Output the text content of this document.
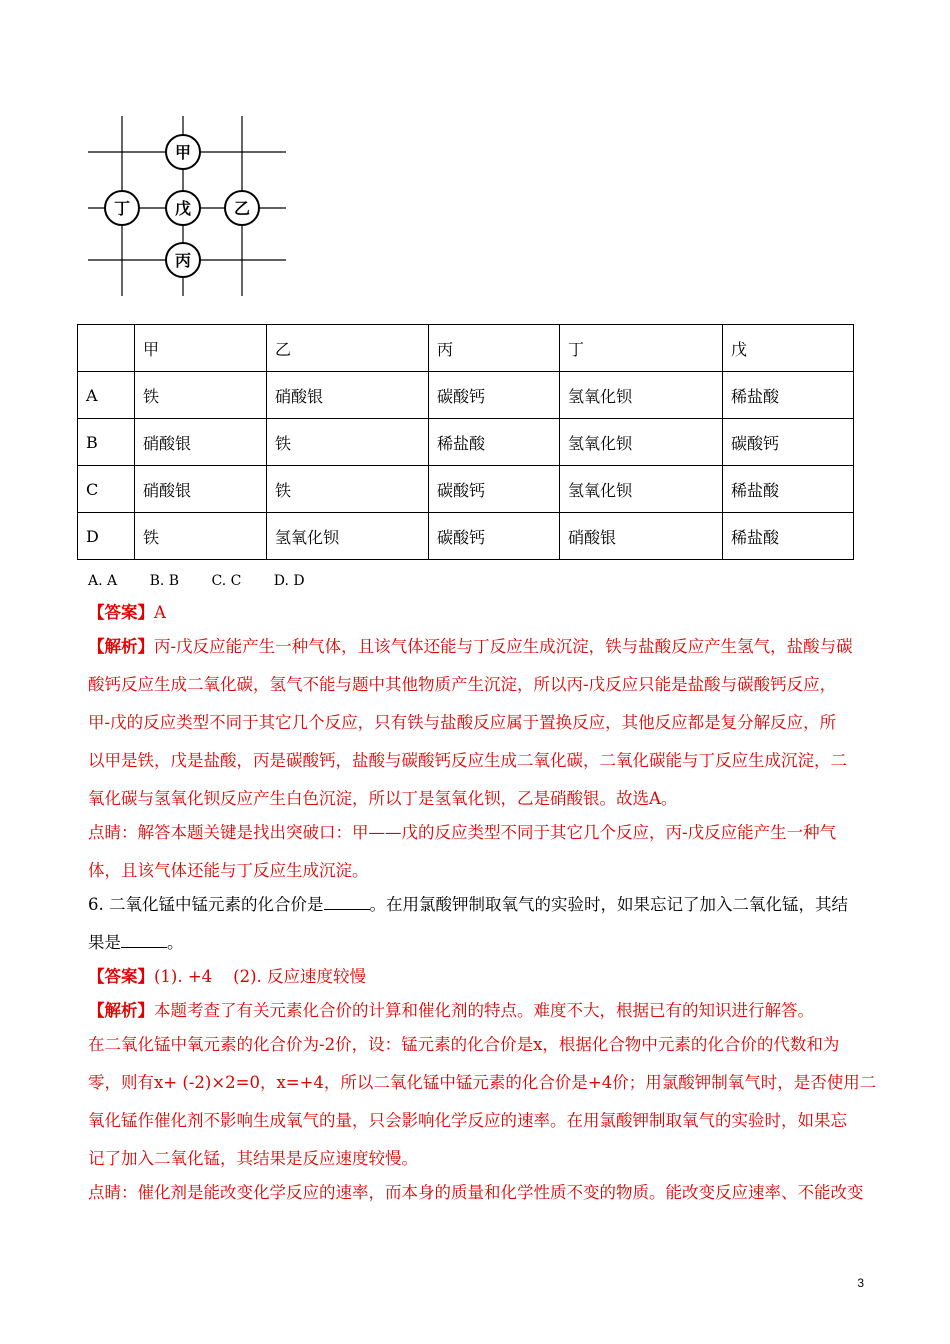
甲
丁	戊	乙
丙
	甲	乙	丙	丁	戊
A	铁	硝酸银	碳酸钙	氢氧化钡	稀盐酸
B	硝酸银	铁	稀盐酸	氢氧化钡	碳酸钙
C	硝酸银	铁	碳酸钙	氢氧化钡	稀盐酸
D	铁	氢氧化钡	碳酸钙	硝酸银	稀盐酸
A. A B. B C. C D. D
【答案】A
【解析】丙-戊反应能产生一种气体，且该气体还能与丁反应生成沉淀，铁与盐酸反应产生氢气，盐酸与碳
酸钙反应生成二氧化碳，氢气不能与题中其他物质产生沉淀，所以丙-戊反应只能是盐酸与碳酸钙反应，
甲-戊的反应类型不同于其它几个反应，只有铁与盐酸反应属于置换反应，其他反应都是复分解反应，所
以甲是铁，戊是盐酸，丙是碳酸钙，盐酸与碳酸钙反应生成二氧化碳，二氧化碳能与丁反应生成沉淀，二
氧化碳与氢氧化钡反应产生白色沉淀，所以丁是氢氧化钡，乙是硝酸银。故选A。
点睛：解答本题关键是找出突破口：甲——戊的反应类型不同于其它几个反应，丙-戊反应能产生一种气
体，且该气体还能与丁反应生成沉淀。
6. 二氧化锰中锰元素的化合价是	。在用氯酸钾制取氧气的实验时，如果忘记了加入二氧化锰，其结
果是	。
【答案】(1). +4    (2). 反应速度较慢
【解析】本题考查了有关元素化合价的计算和催化剂的特点。难度不大，根据已有的知识进行解答。
在二氧化锰中氧元素的化合价为-2价，设：锰元素的化合价是x，根据化合物中元素的化合价的代数和为
零，则有x+ (-2)×2=0，x=+4，所以二氧化锰中锰元素的化合价是+4价；用氯酸钾制氧气时，是否使用二
氧化锰作催化剂不影响生成氧气的量，只会影响化学反应的速率。在用氯酸钾制取氧气的实验时，如果忘
记了加入二氧化锰，其结果是反应速度较慢。
点睛：催化剂是能改变化学反应的速率，而本身的质量和化学性质不变的物质。能改变反应速率、不能改变
3
